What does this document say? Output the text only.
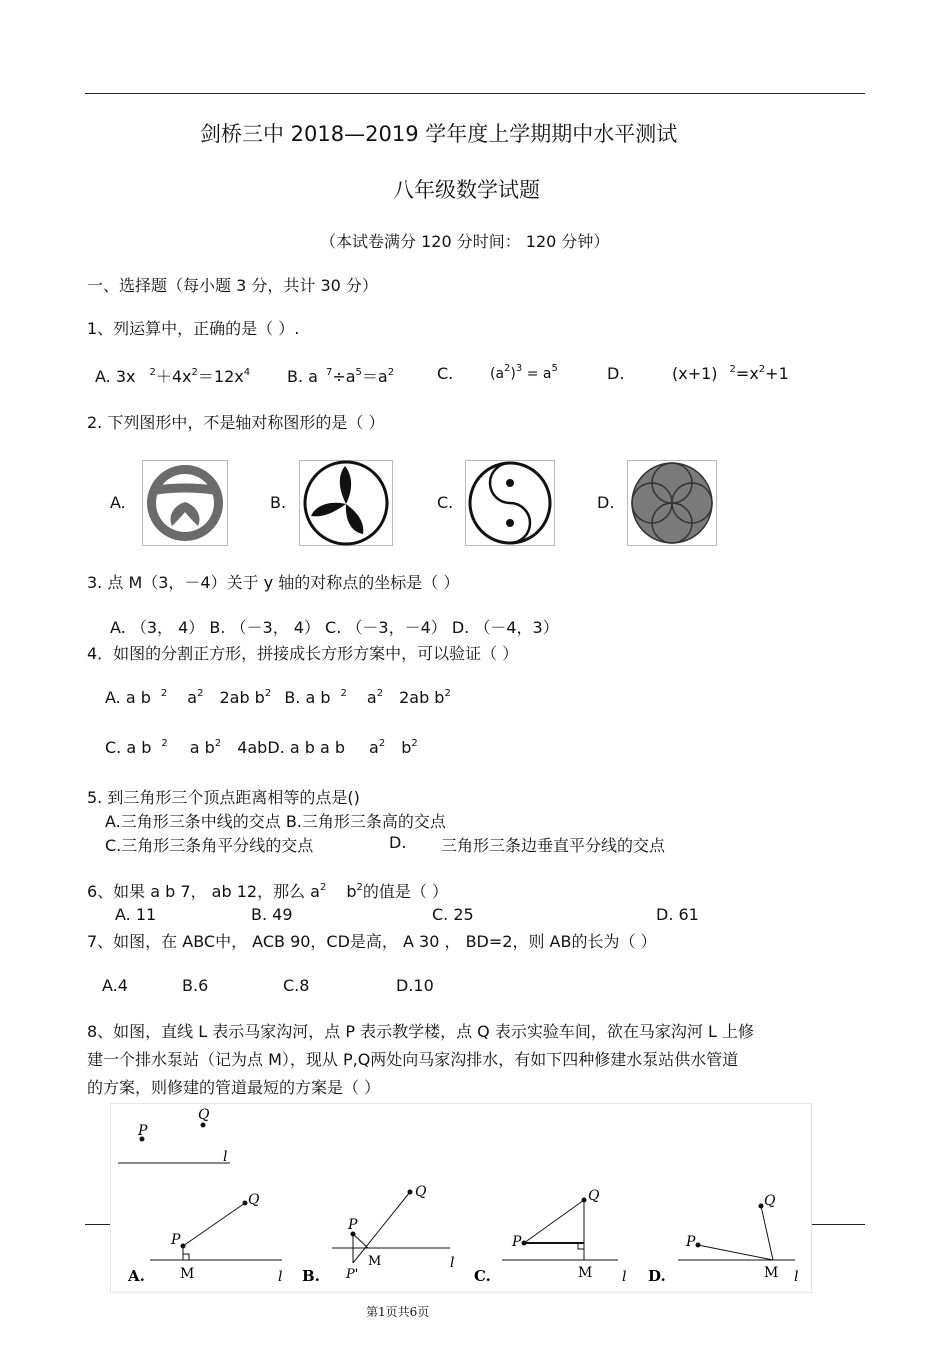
剑桥三中 2018—2019 学年度上学期期中水平测试
八年级数学试题
（本试卷满分 120 分时间： 120 分钟）
一、选择题（每小题 3 分，共计 30 分）
1、列运算中，正确的是（ ）.
A. 3x $^2+4x^2=12x^4$ B. a $^7\div a^5=a^2$	C.	$(a^2)^3 = a^5$	D.	(x+1) $^2=x^2+1$
2. 下列图形中，不是轴对称图形的是（ ）
A.	B.	C.	D.
3. 点 M（3，－4）关于 y 轴的对称点的坐标是（ ）
A. （3， 4） B. （－3， 4） C. （－3，－4） D. （－4，3）
4．如图的分割正方形，拼接成长方形方案中，可以验证（ ）
A. a b $^2$ $a^2$ 2ab $b^2$ B. a b $^2$ $a^2$ 2ab $b^2$
C. a b $^2$ a $b^2$ 4abD. a b a b $a^2$ $b^2$
5. 到三角形三个顶点距离相等的点是()
A.三角形三条中线的交点 B.三角形三条高的交点
C.三角形三条角平分线的交点	D. 三角形三条边垂直平分线的交点
6、如果 a b 7， ab 12，那么 $a^2$ $b^2$的值是（ ）
A. 11	B. 49	C. 25	D. 61
7、如图，在 ABC中， ACB 90，CD是高， A 30 ， BD=2，则 AB的长为（ ）
A.4	B.6	C.8	D.10
8、如图，直线 L 表示马家沟河，点 P 表示教学楼，点 Q 表示实验车间，欲在马家沟河 L 上修
建一个排水泵站（记为点 M），现从 P,Q两处向马家沟排水，有如下四种修建水泵站供水管道
的方案，则修建的管道最短的方案是（ ）
P
Q
l
P
Q
M	l
A.
P
Q
M
P'
l
B.
P
Q
M l
C.
P
Q
M l
D.
第1页共6页
